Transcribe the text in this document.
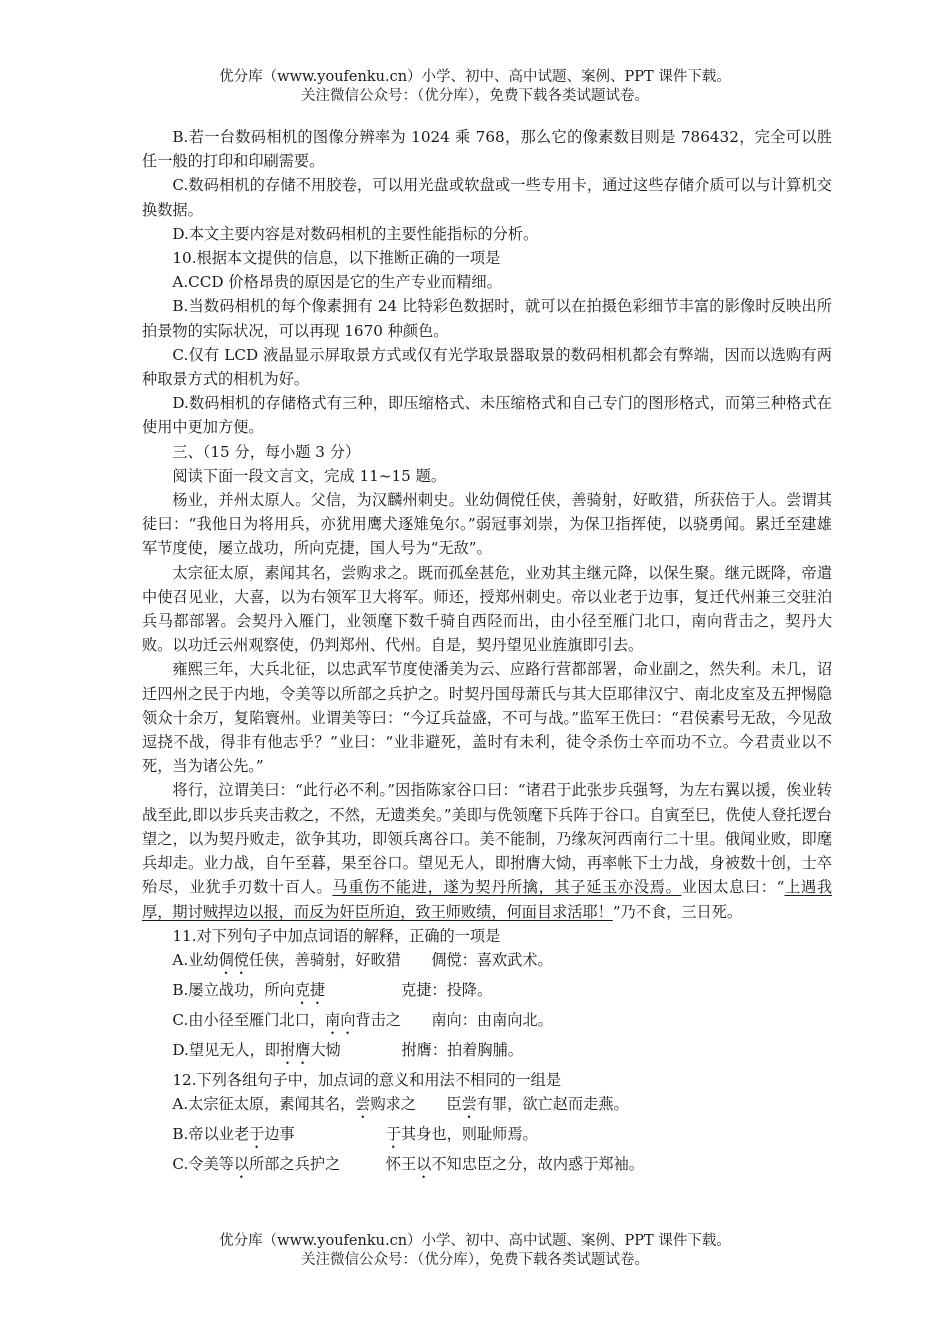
优分库（www.youfenku.cn）小学、初中、高中试题、案例、PPT 课件下载。
关注微信公众号：（优分库），免费下载各类试题试卷。

B.若一台数码相机的图像分辨率为 1024 乘 768，那么它的像素数目则是 786432，完全可以胜任一般的打印和印刷需要。

C.数码相机的存储不用胶卷，可以用光盘或软盘或一些专用卡，通过这些存储介质可以与计算机交换数据。

D.本文主要内容是对数码相机的主要性能指标的分析。

10.根据本文提供的信息，以下推断正确的一项是

A.CCD 价格昂贵的原因是它的生产专业而精细。

B.当数码相机的每个像素拥有 24 比特彩色数据时，就可以在拍摄色彩细节丰富的影像时反映出所拍景物的实际状况，可以再现 1670 种颜色。

C.仅有 LCD 液晶显示屏取景方式或仅有光学取景器取景的数码相机都会有弊端，因而以选购有两种取景方式的相机为好。

D.数码相机的存储格式有三种，即压缩格式、未压缩格式和自己专门的图形格式，而第三种格式在使用中更加方便。

三、（15 分，每小题 3 分）

阅读下面一段文言文，完成 11~15 题。

杨业，并州太原人。父信，为汉麟州刺史。业幼倜傥任侠，善骑射，好畋猎，所获倍于人。尝谓其徒曰：“我他日为将用兵，亦犹用鹰犬逐雉兔尔。”弱冠事刘崇，为保卫指挥使，以骁勇闻。累迁至建雄军节度使，屡立战功，所向克捷，国人号为“无敌”。

太宗征太原，素闻其名，尝购求之。既而孤垒甚危，业劝其主继元降，以保生聚。继元既降，帝遣中使召见业，大喜，以为右领军卫大将军。师还，授郑州刺史。帝以业老于边事，复迁代州兼三交驻泊兵马都部署。会契丹入雁门，业领麾下数千骑自西陉而出，由小径至雁门北口，南向背击之，契丹大败。以功迁云州观察使，仍判郑州、代州。自是，契丹望见业旌旗即引去。

雍熙三年，大兵北征，以忠武军节度使潘美为云、应路行营都部署，命业副之，然失利。未几，诏迁四州之民于内地，令美等以所部之兵护之。时契丹国母萧氏与其大臣耶律汉宁、南北皮室及五押惕隐领众十余万，复陷寰州。业谓美等曰：“今辽兵益盛，不可与战。”监军王侁曰：“君侯素号无敌，今见敌逗挠不战，得非有他志乎？”业曰：“业非避死，盖时有未利，徒令杀伤士卒而功不立。今君责业以不死，当为诸公先。”

将行，泣谓美曰：“此行必不利。”因指陈家谷口曰：“诸君于此张步兵强弩，为左右翼以援，俟业转战至此,即以步兵夹击救之，不然，无遗类矣。”美即与侁领麾下兵阵于谷口。自寅至巳，侁使人登托逻台望之，以为契丹败走，欲争其功，即领兵离谷口。美不能制，乃缘灰河西南行二十里。俄闻业败，即麾兵却走。业力战，自午至暮，果至谷口。望见无人，即拊膺大恸，再率帐下士力战，身被数十创，士卒殆尽，业犹手刃数十百人。马重伤不能进，遂为契丹所擒，其子延玉亦没焉。业因太息曰：“上遇我厚，期讨贼捍边以报，而反为奸臣所迫，致王师败绩，何面目求活耶！”乃不食，三日死。

11.对下列句子中加点词语的解释，正确的一项是

A.业幼倜傥任侠，善骑射，好畋猎　　倜傥：喜欢武术。

B.屡立战功，所向克捷　　　　　克捷：投降。

C.由小径至雁门北口，南向背击之　　南向：由南向北。

D.望见无人，即拊膺大恸　　　　拊膺：拍着胸脯。

12.下列各组句子中，加点词的意义和用法不相同的一组是

A.太宗征太原，素闻其名，尝购求之　　臣尝有罪，欲亡赵而走燕。

B.帝以业老于边事　　　　　　于其身也，则耻师焉。

C.令美等以所部之兵护之　　　怀王以不知忠臣之分，故内惑于郑袖。

优分库（www.youfenku.cn）小学、初中、高中试题、案例、PPT 课件下载。
关注微信公众号：（优分库），免费下载各类试题试卷。
